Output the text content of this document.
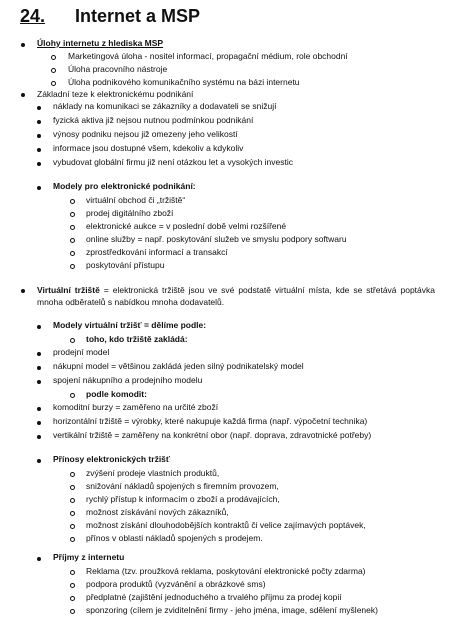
24. Internet a MSP
Úlohy internetu z hlediska MSP
Marketingová úloha - nositel informací, propagační médium, role obchodní
Úloha pracovního nástroje
Úloha podnikového komunikačního systému na bázi internetu
Základní teze k elektronickému podnikání
náklady na komunikaci se zákazníky a dodavateli se snižují
fyzická aktiva již nejsou nutnou podmínkou podnikání
výnosy podniku nejsou již omezeny jeho velikostí
informace jsou dostupné všem, kdekoliv a kdykoliv
vybudovat globální firmu již není otázkou let a vysokých investic
Modely pro elektronické podnikání:
virtuální obchod či „tržiště“
prodej digitálního zboží
elektronické aukce = v poslední době velmi rozšířené
online služby = např. poskytování služeb ve smyslu podpory softwaru
zprostředkování informací a transakcí
poskytování přístupu
Virtuální tržiště = elektronická tržiště jsou ve své podstatě virtuální místa, kde se střetává poptávka mnoha odběratelů s nabídkou mnoha dodavatelů.
Modely virtuální tržišť = dělíme podle:
toho, kdo tržiště zakládá:
prodejní model
nákupní model = většinou zakládá jeden silný podnikatelský model
spojení nákupního a prodejního modelu
podle komodit:
komoditní burzy = zaměřeno na určité zboží
horizontální tržiště = výrobky, které nakupuje každá firma (např. výpočetní technika)
vertikální tržiště = zaměřeny na konkrétní obor (např. doprava, zdravotnické potřeby)
Přínosy elektronických tržišť
zvýšení prodeje vlastních produktů,
snižování nákladů spojených s firemním provozem,
rychlý přístup k informacím o zboží a prodávajících,
možnost získávání nových zákazníků,
možnost získání dlouhodobějších kontraktů či velice zajímavých poptávek,
přínos v oblasti nákladů spojených s prodejem.
Příjmy z internetu
Reklama (tzv. proužková reklama, poskytování elektronické počty zdarma)
podpora produktů (vyzvánění a obrázkové sms)
předplatné (zajištění jednoduchého a trvalého příjmu za prodej kopií
sponzoring (cílem je zviditelnění firmy - jeho jména, image, sdělení myšlenek)
